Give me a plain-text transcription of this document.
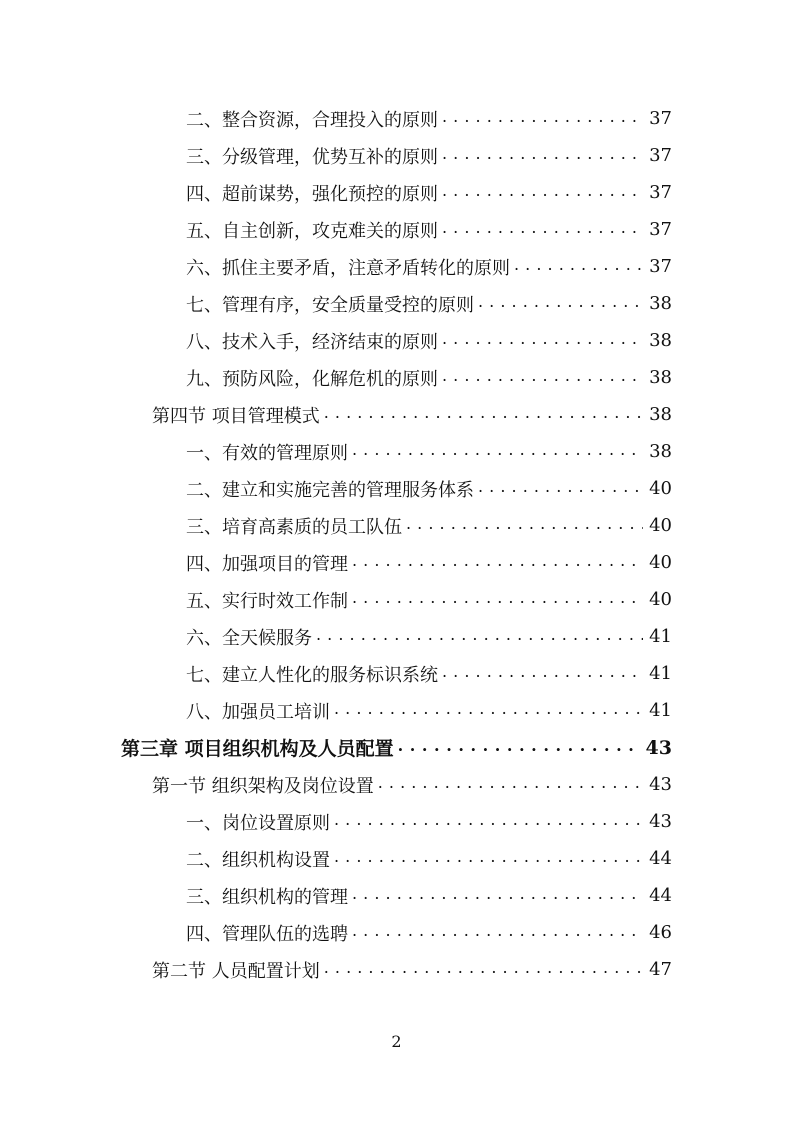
二、整合资源，合理投入的原则 . . .	37
三、分级管理，优势互补的原则 . . .	37
四、超前谋势，强化预控的原则 . . .	37
五、自主创新，攻克难关的原则 . . .	37
六、抓住主要矛盾，注意矛盾转化的原则 . . .	37
七、管理有序，安全质量受控的原则 . . .	38
八、技术入手，经济结束的原则 . . .	38
九、预防风险，化解危机的原则 . . .	38
第四节 项目管理模式 . . .	38
一、有效的管理原则 . . .	38
二、建立和实施完善的管理服务体系 . . .	40
三、培育高素质的员工队伍 . . .	40
四、加强项目的管理 . . .	40
五、实行时效工作制 . . .	40
六、全天候服务 . . .	41
七、建立人性化的服务标识系统 . . .	41
八、加强员工培训 . . .	41
第三章 项目组织机构及人员配置 . . .	43
第一节 组织架构及岗位设置 . . .	43
一、岗位设置原则 . . .	43
二、组织机构设置 . . .	44
三、组织机构的管理 . . .	44
四、管理队伍的选聘 . . .	46
第二节 人员配置计划 . . .	47
2
